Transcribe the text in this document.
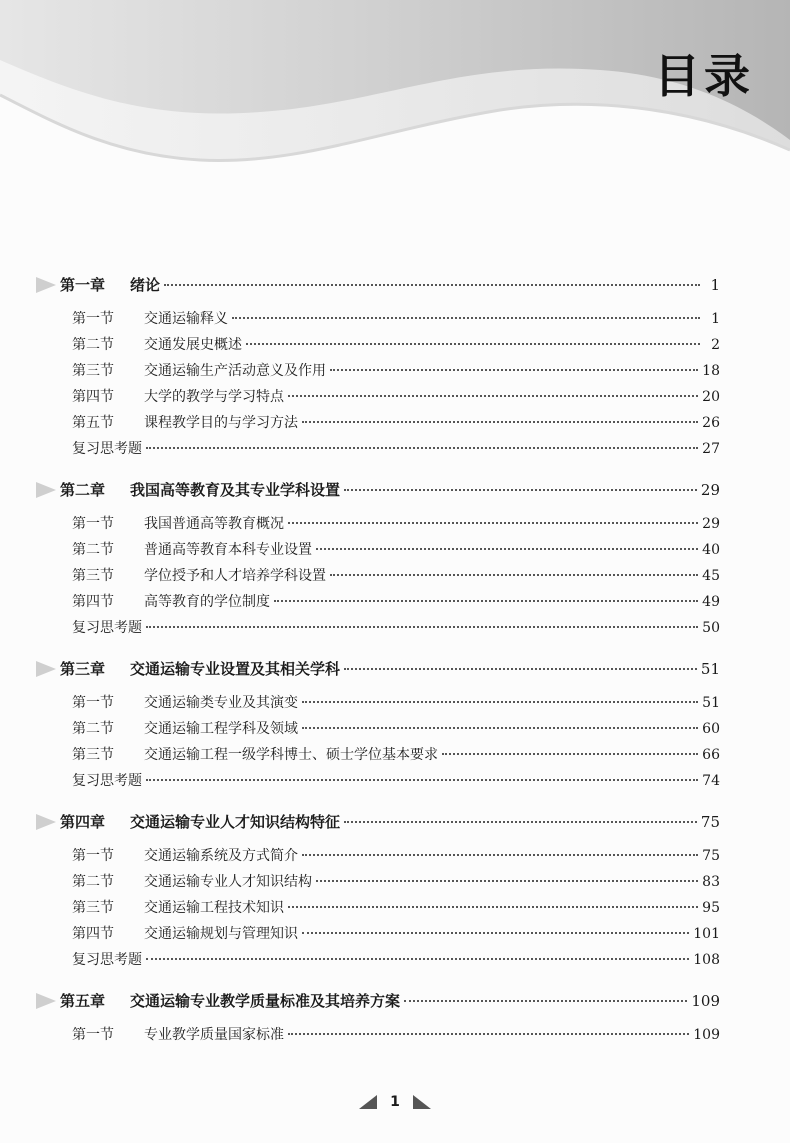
目录
第一章 绪论	1
第一节 交通运输释义	1
第二节 交通发展史概述	2
第三节 交通运输生产活动意义及作用	18
第四节 大学的教学与学习特点	20
第五节 课程教学目的与学习方法	26
复习思考题	27
第二章 我国高等教育及其专业学科设置	29
第一节 我国普通高等教育概况	29
第二节 普通高等教育本科专业设置	40
第三节 学位授予和人才培养学科设置	45
第四节 高等教育的学位制度	49
复习思考题	50
第三章 交通运输专业设置及其相关学科	51
第一节 交通运输类专业及其演变	51
第二节 交通运输工程学科及领域	60
第三节 交通运输工程一级学科博士、硕士学位基本要求	66
复习思考题	74
第四章 交通运输专业人才知识结构特征	75
第一节 交通运输系统及方式简介	75
第二节 交通运输专业人才知识结构	83
第三节 交通运输工程技术知识	95
第四节 交通运输规划与管理知识	101
复习思考题	108
第五章 交通运输专业教学质量标准及其培养方案	109
第一节 专业教学质量国家标准	109
1
